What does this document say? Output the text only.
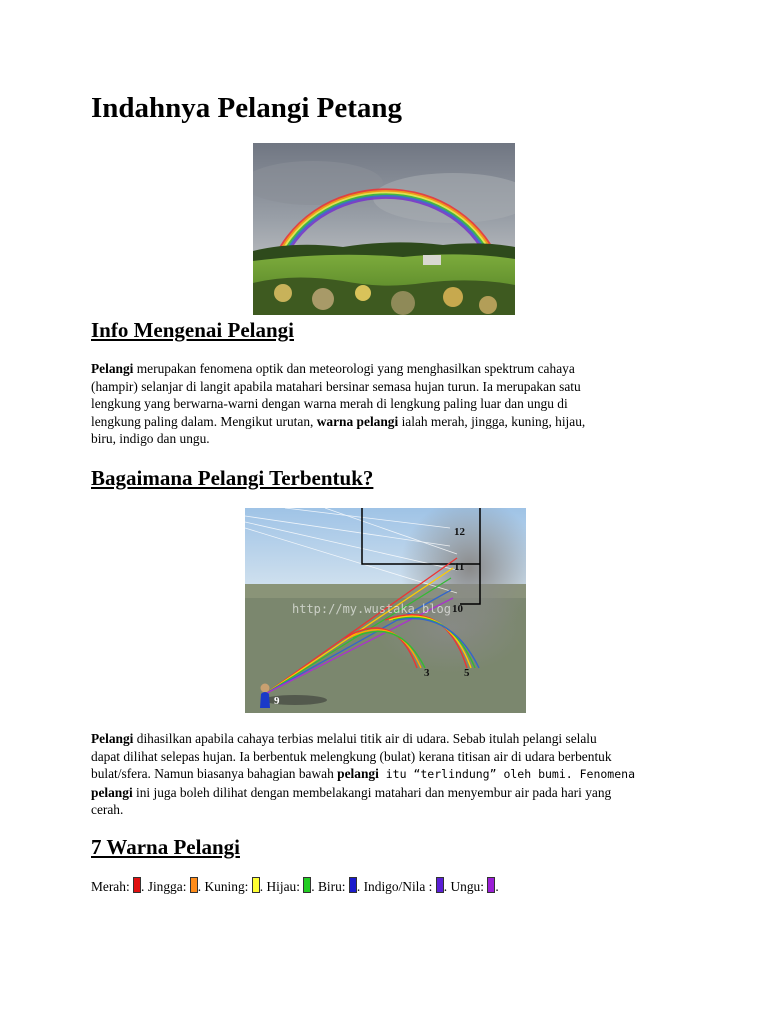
Indahnya Pelangi Petang
Info Mengenai Pelangi
Pelangi merupakan fenomena optik dan meteorologi yang menghasilkan spektrum cahaya
(hampir) selanjar di langit apabila matahari bersinar semasa hujan turun. Ia merupakan satu
lengkung yang berwarna-warni dengan warna merah di lengkung paling luar dan ungu di
lengkung paling dalam. Mengikut urutan, warna pelangi ialah merah, jingga, kuning, hijau,
biru, indigo dan ungu.
Bagaimana Pelangi Terbentuk?
http://my.wustaka.blog
12
11
10
3	5
9
Pelangi dihasilkan apabila cahaya terbias melalui titik air di udara. Sebab itulah pelangi selalu
dapat dilihat selepas hujan. Ia berbentuk melengkung (bulat) kerana titisan air di udara berbentuk
bulat/sfera. Namun biasanya bahagian bawah pelangi itu “terlindung” oleh bumi. Fenomena
pelangi ini juga boleh dilihat dengan membelakangi matahari dan menyembur air pada hari yang
cerah.
7 Warna Pelangi

Merah: . Jingga: . Kuning: . Hijau: . Biru: . Indigo/Nila : . Ungu: .
